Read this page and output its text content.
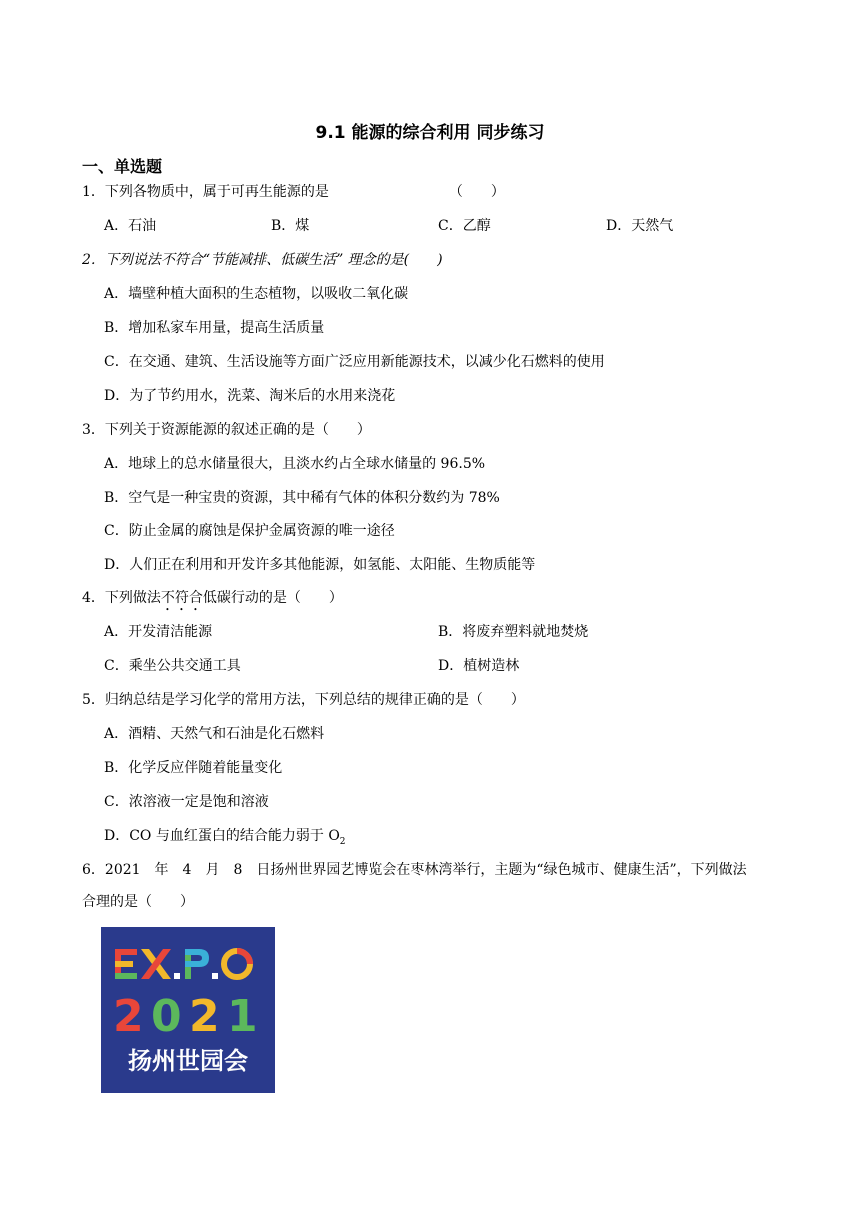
9.1 能源的综合利用 同步练习
一、单选题
1．下列各物质中，属于可再生能源的是	（　　）
A．石油	B．煤	C．乙醇	D．天然气
2．下列说法不符合“节能减排、低碳生活” 理念的是(　　)
A．墙壁种植大面积的生态植物，以吸收二氧化碳
B．增加私家车用量，提高生活质量
C．在交通、建筑、生活设施等方面广泛应用新能源技术，以减少化石燃料的使用
D．为了节约用水，洗菜、淘米后的水用来浇花
3．下列关于资源能源的叙述正确的是（　　）
A．地球上的总水储量很大，且淡水约占全球水储量的 96.5%
B．空气是一种宝贵的资源，其中稀有气体的体积分数约为 78%
C．防止金属的腐蚀是保护金属资源的唯一途径
D．人们正在利用和开发许多其他能源，如氢能、太阳能、生物质能等
4．下列做法不符合低碳行动的是（　　）
A．开发清洁能源	B．将废弃塑料就地焚烧
C．乘坐公共交通工具	D．植树造林
5．归纳总结是学习化学的常用方法，下列总结的规律正确的是（　　）
A．酒精、天然气和石油是化石燃料
B．化学反应伴随着能量变化
C．浓溶液一定是饱和溶液
D．CO 与血红蛋白的结合能力弱于 $O_2$
6．2021　年　4　月　8　日扬州世界园艺博览会在枣林湾举行，主题为“绿色城市、健康生活”，下列做法
合理的是（　　）
2 0 2 1
扬州世园会
